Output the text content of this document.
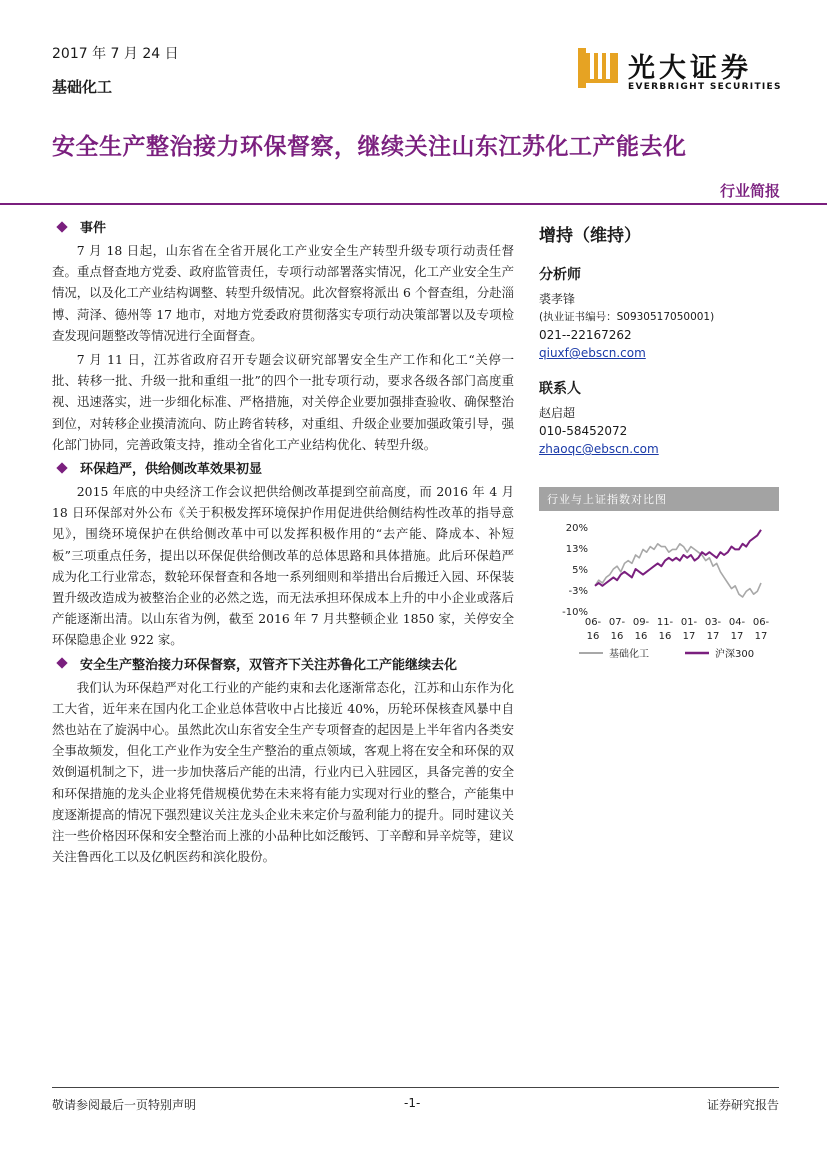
2017 年 7 月 24 日
基础化工
光大证券
EVERBRIGHT SECURITIES
安全生产整治接力环保督察，继续关注山东江苏化工产能去化
行业简报
事件

7 月 18 日起，山东省在全省开展化工产业安全生产转型升级专项行动责任督查。重点督查地方党委、政府监管责任，专项行动部署落实情况，化工产业安全生产情况，以及化工产业结构调整、转型升级情况。此次督察将派出 6 个督查组，分赴淄博、菏泽、德州等 17 地市，对地方党委政府贯彻落实专项行动决策部署以及专项检查发现问题整改等情况进行全面督查。

7 月 11 日，江苏省政府召开专题会议研究部署安全生产工作和化工“关停一批、转移一批、升级一批和重组一批”的四个一批专项行动，要求各级各部门高度重视、迅速落实，进一步细化标准、严格措施，对关停企业要加强排查验收、确保整治到位，对转移企业摸清流向、防止跨省转移，对重组、升级企业要加强政策引导，强化部门协同，完善政策支持，推动全省化工产业结构优化、转型升级。

环保趋严，供给侧改革效果初显

2015 年底的中央经济工作会议把供给侧改革提到空前高度，而 2016 年 4 月 18 日环保部对外公布《关于积极发挥环境保护作用促进供给侧结构性改革的指导意见》，围绕环境保护在供给侧改革中可以发挥积极作用的“去产能、降成本、补短板”三项重点任务，提出以环保促供给侧改革的总体思路和具体措施。此后环保趋严成为化工行业常态，数轮环保督查和各地一系列细则和举措出台后搬迁入园、环保装置升级改造成为被整治企业的必然之选，而无法承担环保成本上升的中小企业或落后产能逐渐出清。以山东省为例，截至 2016 年 7 月共整顿企业 1850 家，关停安全环保隐患企业 922 家。

安全生产整治接力环保督察，双管齐下关注苏鲁化工产能继续去化

我们认为环保趋严对化工行业的产能约束和去化逐渐常态化，江苏和山东作为化工大省，近年来在国内化工企业总体营收中占比接近 40%，历轮环保核查风暴中自然也站在了旋涡中心。虽然此次山东省安全生产专项督查的起因是上半年省内各类安全事故频发，但化工产业作为安全生产整治的重点领域，客观上将在安全和环保的双效倒逼机制之下，进一步加快落后产能的出清，行业内已入驻园区，具备完善的安全和环保措施的龙头企业将凭借规模优势在未来将有能力实现对行业的整合，产能集中度逐渐提高的情况下强烈建议关注龙头企业未来定价与盈利能力的提升。同时建议关注一些价格因环保和安全整治而上涨的小品种比如泛酸钙、丁辛醇和异辛烷等，建议关注鲁西化工以及亿帆医药和滨化股份。

增持（维持）
分析师
裘孝锋
(执业证书编号：S0930517050001)
021--22167262
qiuxf@ebscn.com
联系人
赵启超
010-58452072
zhaoqc@ebscn.com
行业与上证指数对比图
20%
13%
5%
-3%
-10%
06-
16
07-
16
09-
16
11-
16
01-
17
03-
17
04-
17
06-
17
基础化工	沪深300
敬请参阅最后一页特别声明	-1-	证券研究报告
